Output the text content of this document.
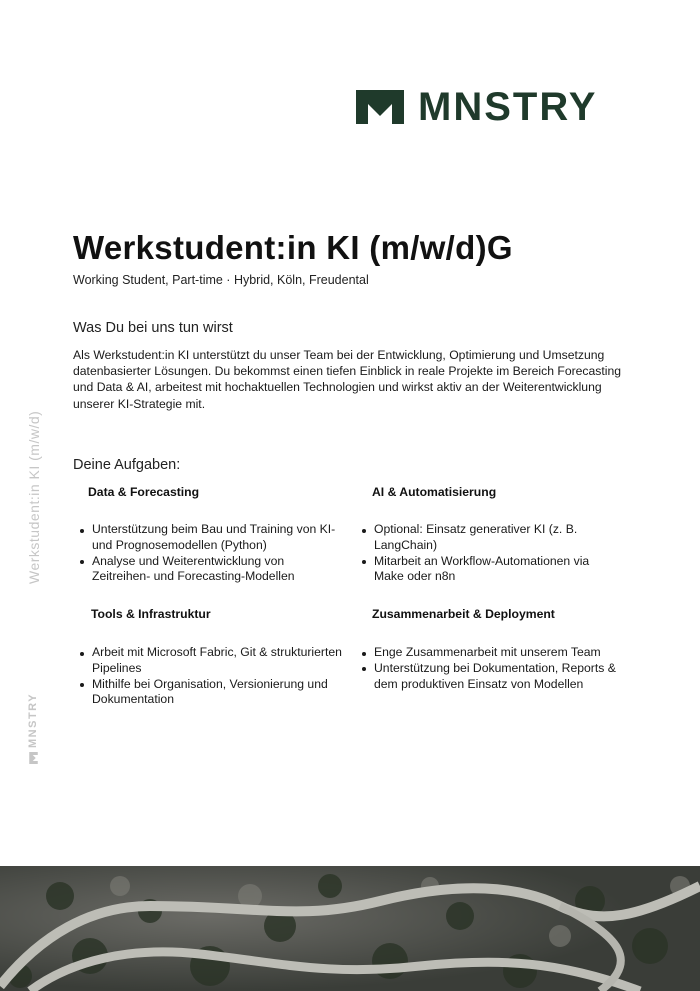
MNSTRY
Werkstudent:in KI (m/w/d)G
Working Student, Part-time · Hybrid, Köln, Freudental
Was Du bei uns tun wirst

Als Werkstudent:in KI unterstützt du unser Team bei der Entwicklung, Optimierung und Umsetzung datenbasierter Lösungen. Du bekommst einen tiefen Einblick in reale Projekte im Bereich Forecasting und Data & AI, arbeitest mit hochaktuellen Technologien und wirkst aktiv an der Weiterentwicklung unserer KI-Strategie mit.

Deine Aufgaben:
Data & Forecasting
Unterstützung beim Bau und Training von KI-und Prognosemodellen (Python)
Analyse und Weiterentwicklung von Zeitreihen- und Forecasting-Modellen
AI & Automatisierung
Optional: Einsatz generativer KI (z. B. LangChain)
Mitarbeit an Workflow-Automationen via Make oder n8n
Tools & Infrastruktur
Arbeit mit Microsoft Fabric, Git & strukturierten Pipelines
Mithilfe bei Organisation, Versionierung und Dokumentation
Zusammenarbeit & Deployment
Enge Zusammenarbeit mit unserem Team
Unterstützung bei Dokumentation, Reports & dem produktiven Einsatz von Modellen
Werkstudent:in KI (m/w/d)
MNSTRY
